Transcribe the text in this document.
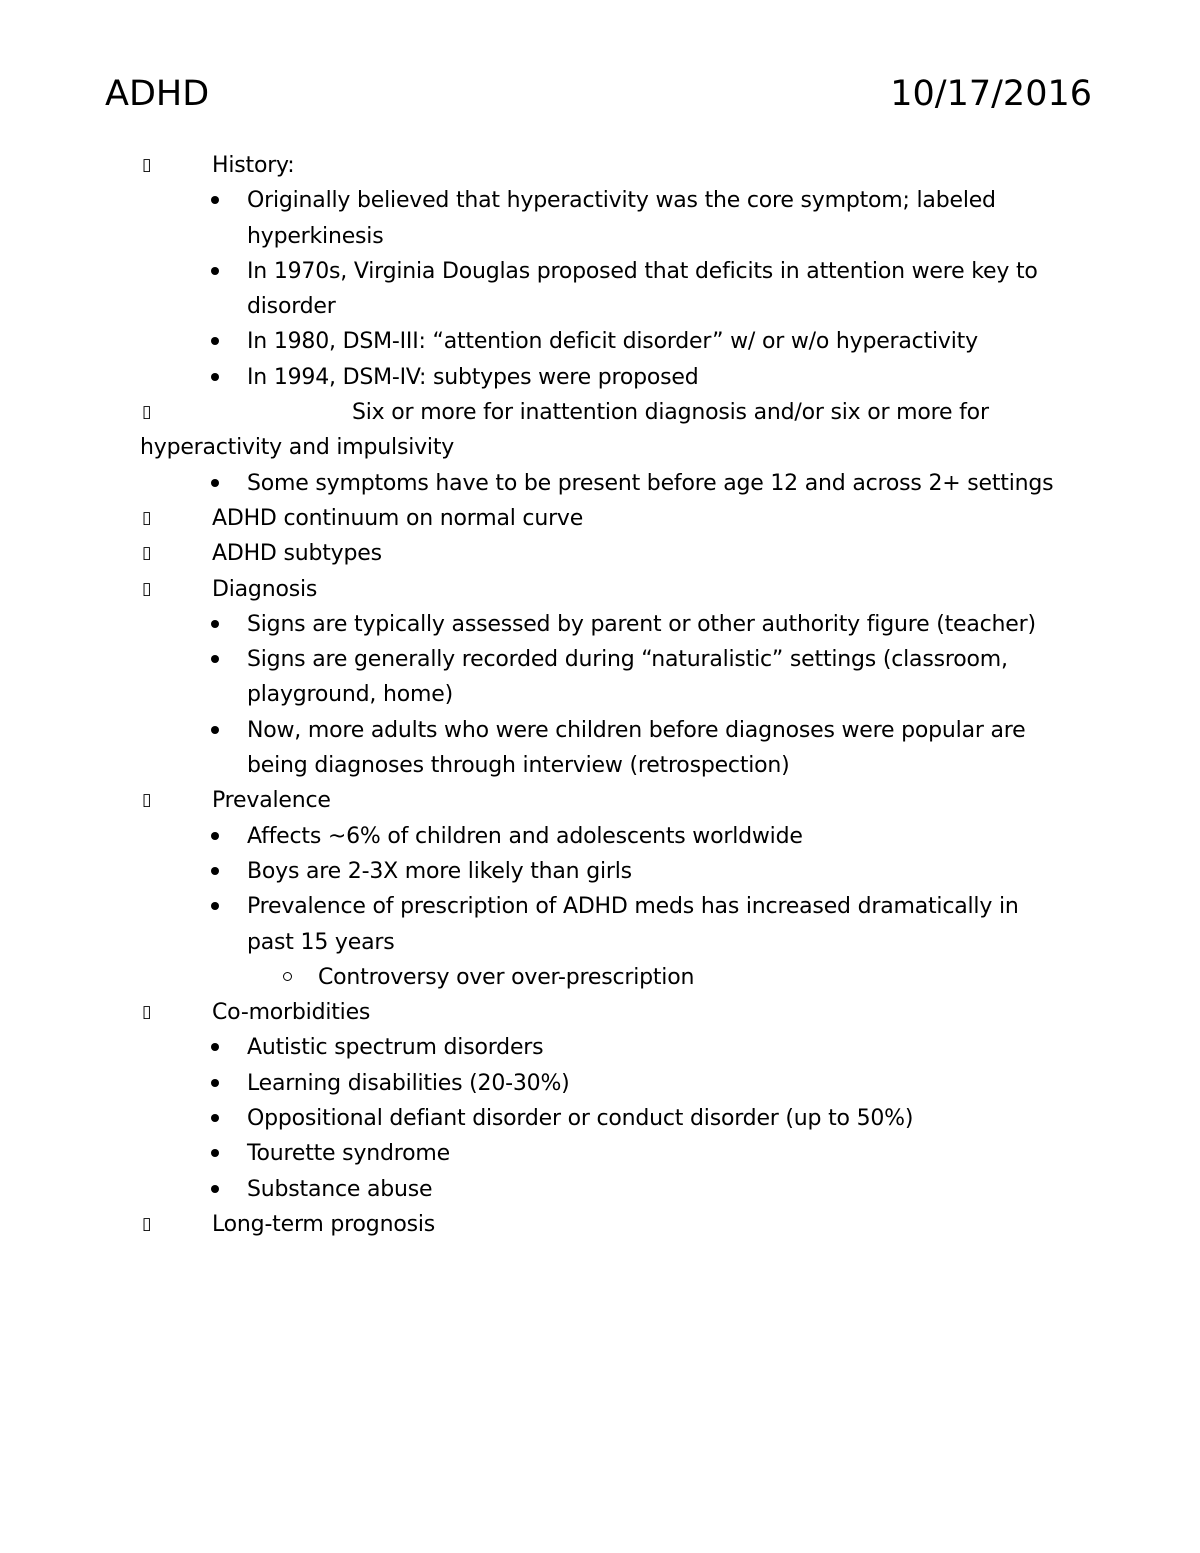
ADHD	10/17/2016
▯	History:
Originally believed that hyperactivity was the core symptom; labeled hyperkinesis
In 1970s, Virginia Douglas proposed that deficits in attention were key to disorder
In 1980, DSM-III: “attention deficit disorder” w/ or w/o hyperactivity
In 1994, DSM-IV: subtypes were proposed
▯	Six or more for inattention diagnosis and/or six or more for hyperactivity and impulsivity
Some symptoms have to be present before age 12 and across 2+ settings
▯	ADHD continuum on normal curve
▯	ADHD subtypes
▯	Diagnosis
Signs are typically assessed by parent or other authority figure (teacher)
Signs are generally recorded during “naturalistic” settings (classroom, playground, home)
Now, more adults who were children before diagnoses were popular are being diagnoses through interview (retrospection)
▯	Prevalence
Affects ~6% of children and adolescents worldwide
Boys are 2-3X more likely than girls
Prevalence of prescription of ADHD meds has increased dramatically in past 15 years
Controversy over over-prescription
▯	Co-morbidities
Autistic spectrum disorders
Learning disabilities (20-30%)
Oppositional defiant disorder or conduct disorder (up to 50%)
Tourette syndrome
Substance abuse
▯	Long-term prognosis
